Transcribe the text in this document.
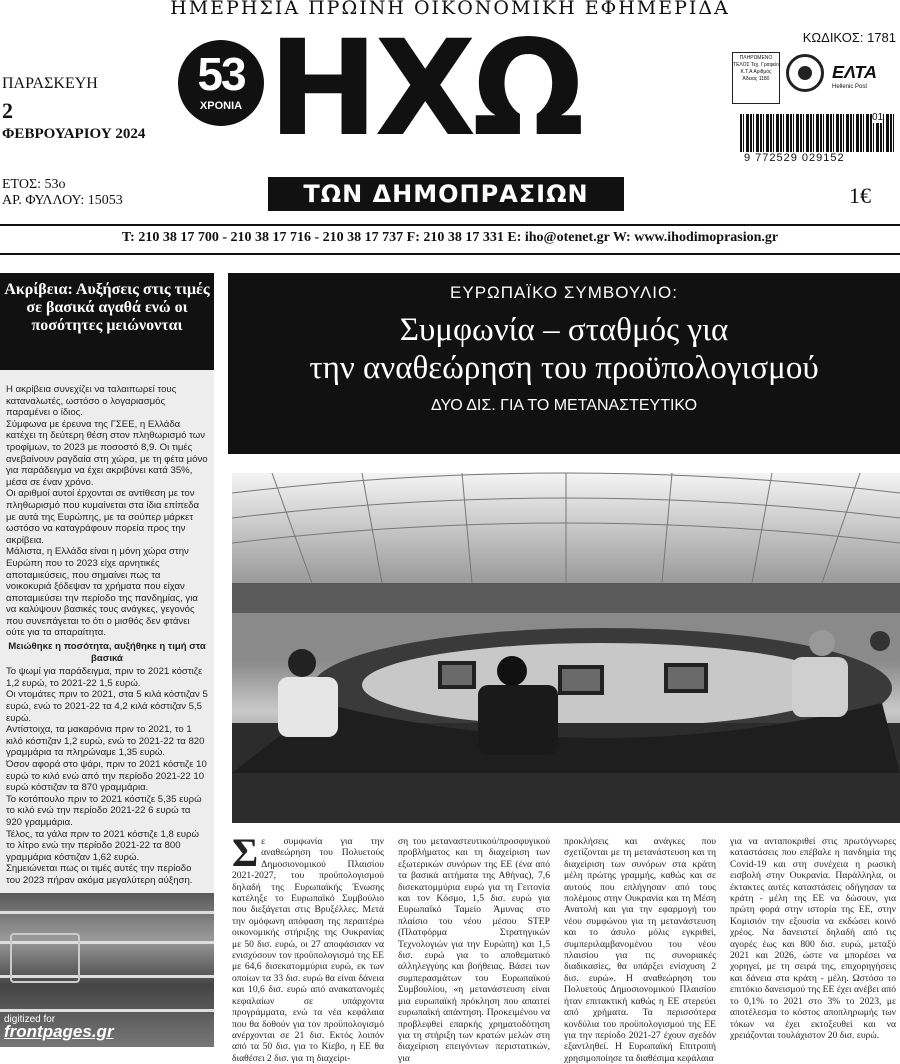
ΗΜΕΡΗΣΙΑ ΠΡΩΙΝΗ ΟΙΚΟΝΟΜΙΚΗ ΕΦΗΜΕΡΙΔΑ
ΠΑΡΑΣΚΕΥΗ
2
ΦΕΒΡΟΥΑΡΙΟΥ 2024
ΕΤΟΣ: 53ο
ΑΡ. ΦΥΛΛΟΥ: 15053
53
ΧΡΟΝΙΑ ΗΧΩ
ΤΩΝ ΔΗΜΟΠΡΑΣΙΩΝ
ΚΩΔΙΚΟΣ: 1781
ΠΛΗΡΩΜΕΝΟ ΤΕΛΟΣ Τεχ. Γραφείο Κ.Τ.Α Αριθμός Άδειας 1180	ΕΛΤΑ
Hellenic Post
01
9 772529 029152
1€
T: 210 38 17 700 - 210 38 17 716 - 210 38 17 737 F: 210 38 17 331 E: iho@otenet.gr W: www.ihodimoprasion.gr
Ακρίβεια: Αυξήσεις στις τιμές σε βασικά αγαθά ενώ οι ποσότητες μειώνονται

Η ακρίβεια συνεχίζει να ταλαιπωρεί τους καταναλωτές, ωστόσο ο λογαριασμός παραμένει ο ίδιος.

Σύμφωνα με έρευνα της ΓΣΕΕ, η Ελλάδα κατέχει τη δεύτερη θέση στον πληθωρισμό των τροφίμων, το 2023 με ποσοστό 8,9. Οι τιμές ανεβαίνουν ραγδαία στη χώρα, με τη φέτα μόνο για παράδειγμα να έχει ακριβύνει κατά 35%, μέσα σε έναν χρόνο.

Οι αριθμοί αυτοί έρχονται σε αντίθεση με τον πληθωρισμό που κυμαίνεται στα ίδια επίπεδα με αυτά της Ευρώπης, με τα σούπερ μάρκετ ωστόσο να καταγράφουν πορεία προς την ακρίβεια.

Μάλιστα, η Ελλάδα είναι η μόνη χώρα στην Ευρώπη που το 2023 είχε αρνητικές αποταμιεύσεις, που σημαίνει πως τα νοικοκυριά ξόδεψαν τα χρήματα που είχαν αποταμιεύσει την περίοδο της πανδημίας, για να καλύψουν βασικές τους ανάγκες, γεγονός που συνεπάγεται το ότι ο μισθός δεν φτάνει ούτε για τα απαραίτητα.

Μειώθηκε η ποσότητα, αυξήθηκε η τιμή στα βασικά

Το ψωμί για παράδειγμα, πριν το 2021 κόστιζε 1,2 ευρώ, το 2021-22 1,5 ευρώ.

Οι ντομάτες πριν το 2021, στα 5 κιλά κόστιζαν 5 ευρώ, ενώ το 2021-22 τα 4,2 κιλά κόστιζαν 5,5 ευρώ.

Αντίστοιχα, τα μακαρόνια πριν το 2021, το 1 κιλό κόστιζαν 1,2 ευρώ, ενώ το 2021-22 τα 820 γραμμάρια τα πληρώναμε 1,35 ευρώ.

Όσον αφορά στο ψάρι, πριν το 2021 κόστιζε 10 ευρώ το κιλό ενώ από την περίοδο 2021-22 10 ευρώ κόστιζαν τα 870 γραμμάρια.

Το κοτόπουλο πριν το 2021 κόστιζε 5,35 ευρώ το κιλό ενώ την περίοδο 2021-22 6 ευρώ τα 920 γραμμάρια.

Τέλος, τα γάλα πριν το 2021 κόστιζε 1,8 ευρώ το λίτρο ενώ την περίοδο 2021-22 τα 800 γραμμάρια κόστιζαν 1,62 ευρώ.

Σημειώνεται πως οι τιμές αυτές την περίοδο του 2023 πήραν ακόμα μεγαλύτερη αύξηση.

digitized for
frontpages.gr
ΕΥΡΩΠΑΪΚΟ ΣΥΜΒΟΥΛΙΟ:
Συμφωνία – σταθμός για
την αναθεώρηση του προϋπολογισμού
ΔΥΟ ΔΙΣ. ΓΙΑ ΤΟ ΜΕΤΑΝΑΣΤΕΥΤΙΚΟ
Σε συμφωνία για την αναθεώρηση του Πολυετούς Δημοσιονομικού Πλαισίου 2021-2027, του προϋπολογισμού δηλαδή της Ευρωπαϊκής Ένωσης κατέληξε το Ευρωπαϊκό Συμβούλιο που διεξάγεται στις Βρυξέλλες. Μετά την ομόφωνη απόφαση της περαιτέρω οικονομικής στήριξης της Ουκρανίας με 50 δισ. ευρώ, οι 27 αποφάσισαν να ενισχύσουν τον προϋπολογισμό της ΕΕ με 64,6 δισεκατομμύρια ευρώ, εκ των οποίων τα 33 δισ. ευρώ θα είναι δάνεια και 10,6 δισ. ευρώ από ανακατανομές κεφαλαίων σε υπάρχοντα προγράμματα, ενώ τα νέα κεφάλαια που θα δοθούν για τον προϋπολογισμό ανέρχονται σε 21 δισ. Εκτός λοιπόν από τα 50 δισ. για το Κίεβο, η ΕΕ θα διαθέσει 2 δισ. για τη διαχείρι-
ση του μεταναστευτικού/προσφυγικού προβλήματος και τη διαχείριση των εξωτερικών συνόρων της ΕΕ (ένα από τα βασικά αιτήματα της Αθήνας), 7,6 δισεκατομμύρια ευρώ για τη Γειτονία και τον Κόσμο, 1,5 δισ. ευρώ για Ευρωπαϊκό Ταμείο Άμυνας στο πλαίσιο του νέου μέσου STEP (Πλατφόρμα Στρατηγικών Τεχνολογιών για την Ευρώπη) και 1,5 δισ. ευρώ για το αποθεματικό αλληλεγγύης και βοήθειας. Βάσει των συμπερασμάτων του Ευρωπαϊκού Συμβουλίου, «η μετανάστευση είναι μια ευρωπαϊκή πρόκληση που απαιτεί ευρωπαϊκή απάντηση. Προκειμένου να προβλεφθεί επαρκής χρηματοδότηση για τη στήριξη των κρατών μελών στη διαχείριση επειγόντων περιστατικών, για
προκλήσεις και ανάγκες που σχετίζονται με τη μετανάστευση και τη διαχείριση των συνόρων στα κράτη μέλη πρώτης γραμμής, καθώς και σε αυτούς που επλήγησαν από τους πολέμους στην Ουκρανία και τη Μέση Ανατολή και για την εφαρμογή του νέου συμφώνου για τη μετανάστευση και το άσυλο μόλις εγκριθεί, συμπεριλαμβανομένου του νέου πλαισίου για τις συνοριακές διαδικασίες, θα υπάρξει ενίσχυση 2 δισ. ευρώ». Η αναθεώρηση του Πολυετούς Δημοσιονομικού Πλαισίου ήταν επιτακτική καθώς η ΕΕ στερεύει από χρήματα. Τα περισσότερα κονδύλια του προϋπολογισμού της ΕΕ για την περίοδο 2021-27 έχουν σχεδόν εξαντληθεί. Η Ευρωπαϊκή Επιτροπή χρησιμοποίησε τα διαθέσιμα κεφάλαια
για να ανταποκριθεί στις πρωτόγνωρες καταστάσεις που επέβαλε η πανδημία της Covid-19 και στη συνέχεια η ρωσική εισβολή στην Ουκρανία. Παράλληλα, οι έκτακτες αυτές καταστάσεις οδήγησαν τα κράτη - μέλη της ΕΕ να δώσουν, για πρώτη φορά στην ιστορία της ΕΕ, στην Κομισιόν την εξουσία να εκδώσει κοινό χρέος. Να δανειστεί δηλαδή από τις αγορές έως και 800 δισ. ευρώ, μεταξύ 2021 και 2026, ώστε να μπορέσει να χορηγεί, με τη σειρά της, επιχορηγήσεις και δάνεια στα κράτη - μέλη. Ωστόσο το επιτόκιο δανεισμού της ΕΕ έχει ανέβει από το 0,1% το 2021 στο 3% το 2023, με αποτέλεσμα το κόστος αποπληρωμής των τόκων να έχει εκτοξευθεί και να χρειάζονται τουλάχιστον 20 δισ. ευρώ.
